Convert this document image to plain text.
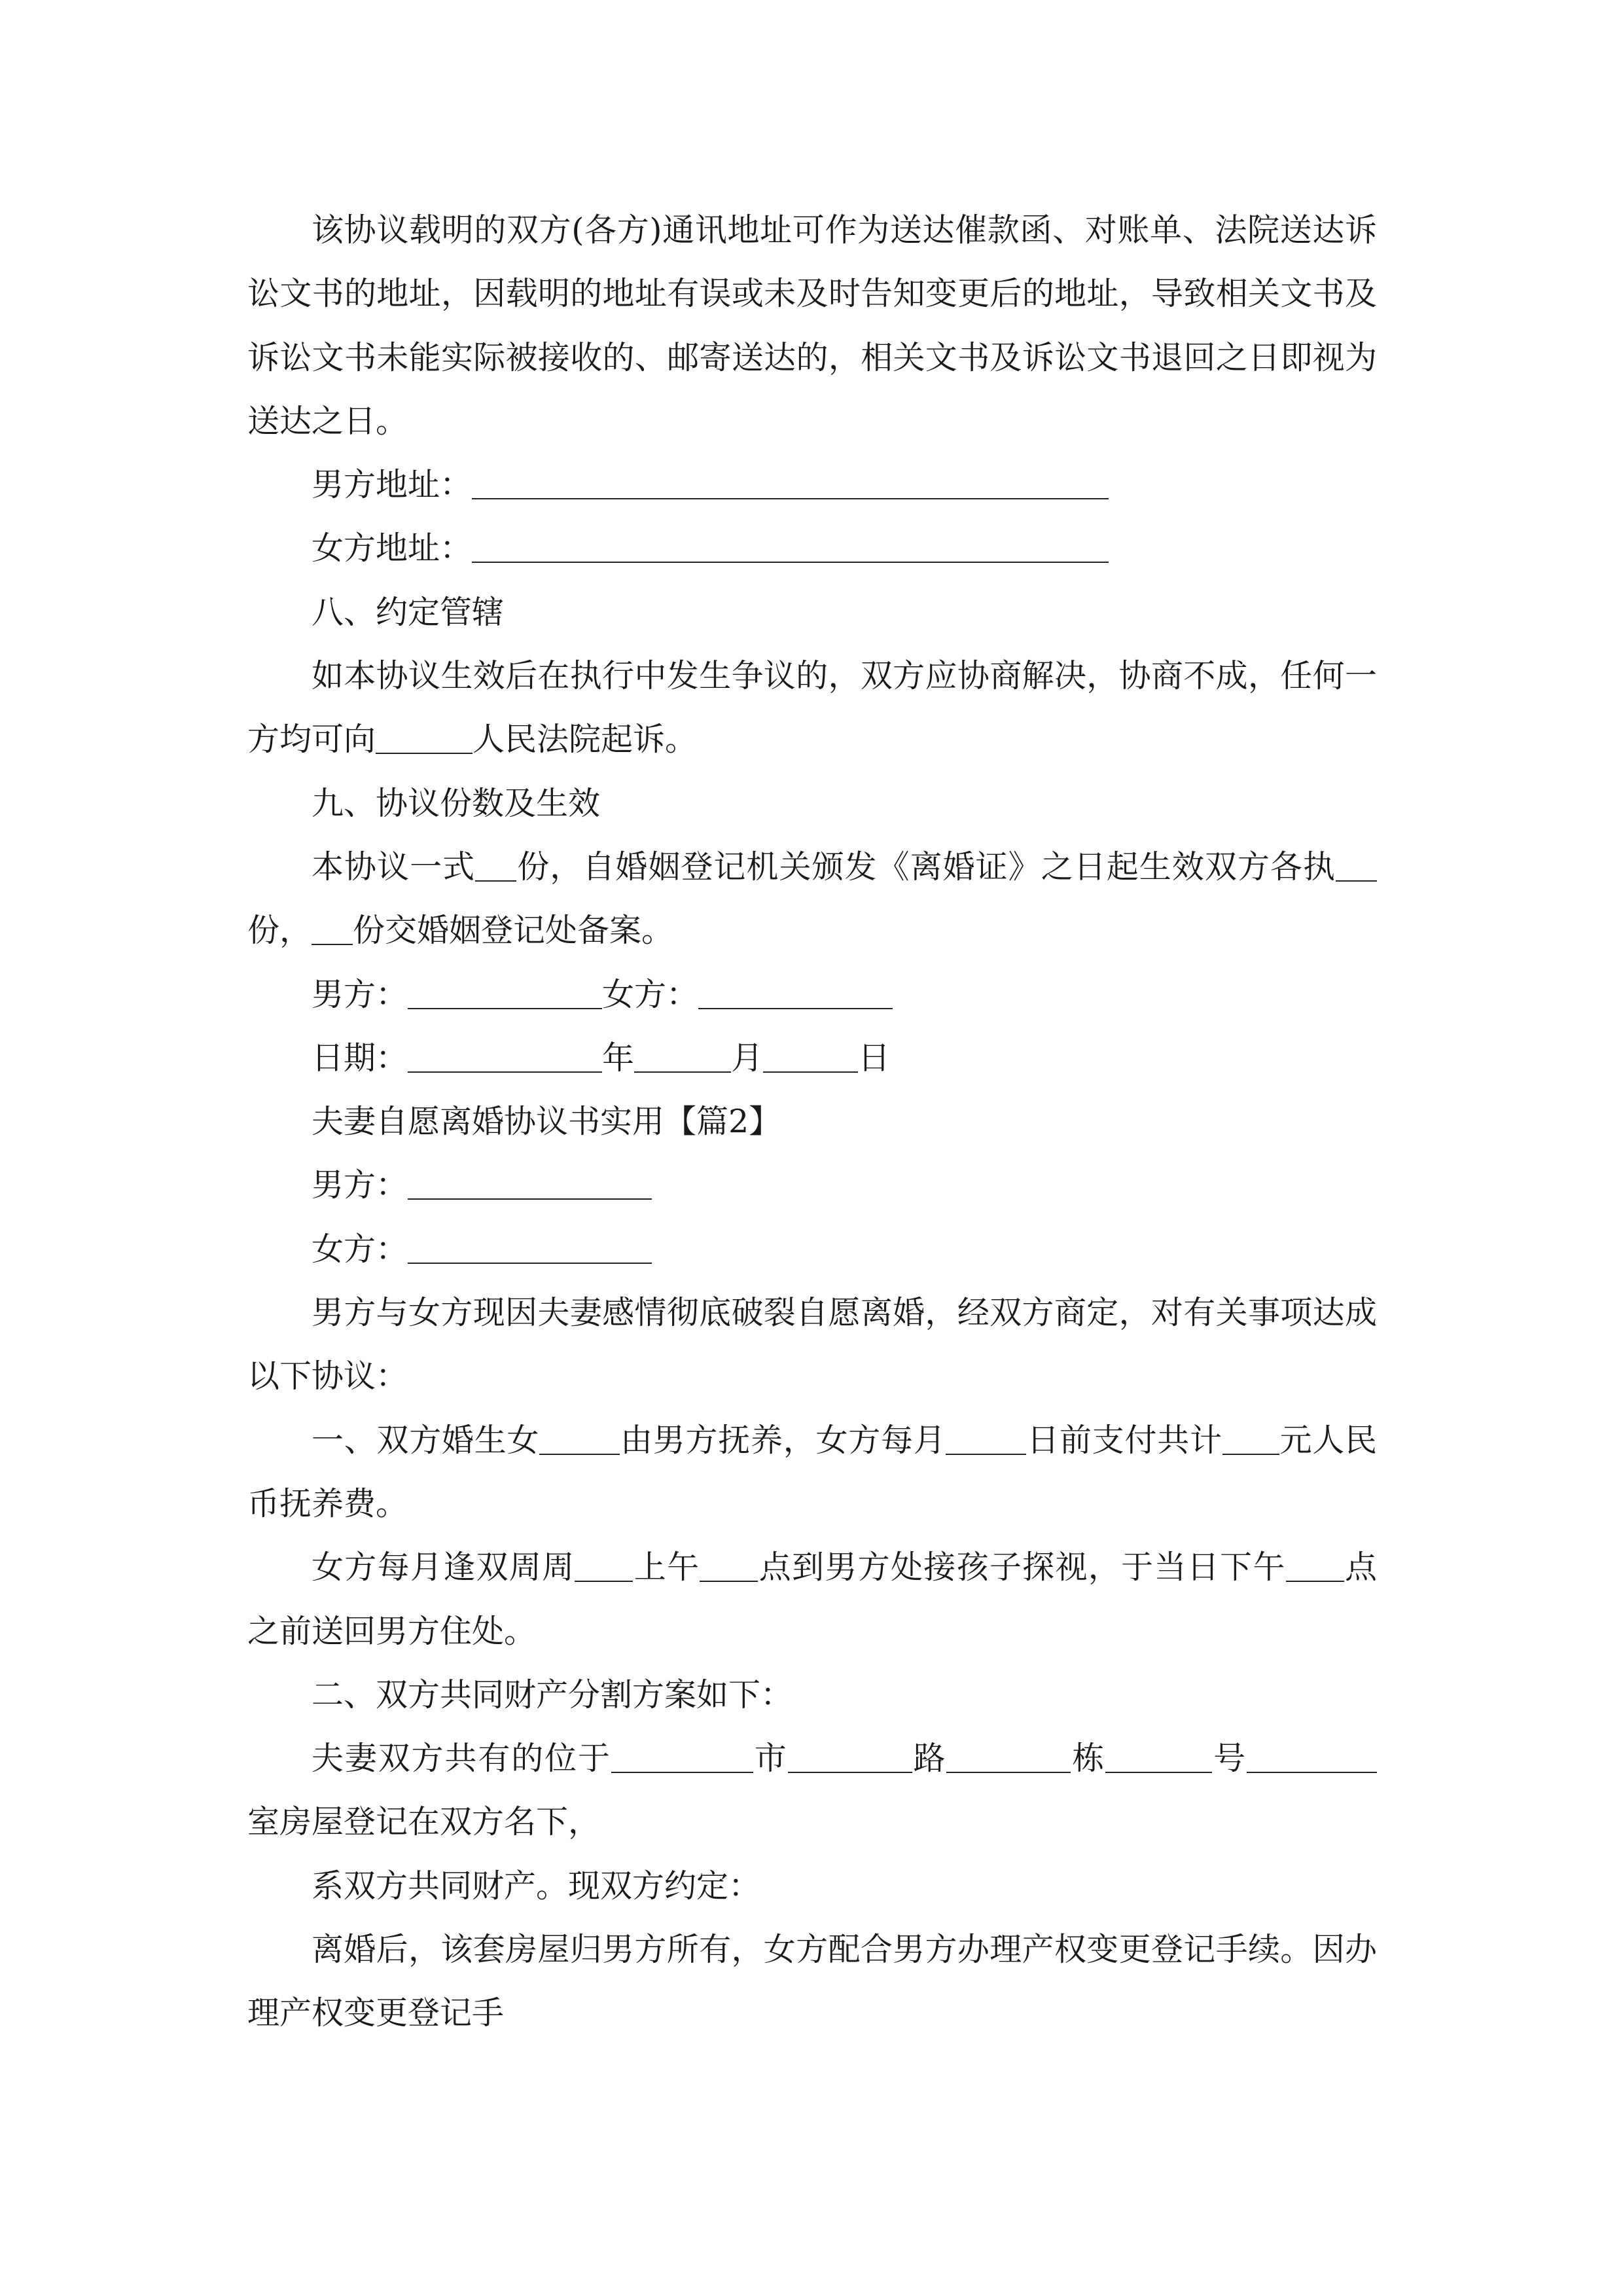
该协议载明的双方(各方)通讯地址可作为送达催款函、对账单、法院送达诉
讼文书的地址，因载明的地址有误或未及时告知变更后的地址，导致相关文书及
诉讼文书未能实际被接收的、邮寄送达的，相关文书及诉讼文书退回之日即视为
送达之日。
男方地址：
女方地址：
八、约定管辖
如本协议生效后在执行中发生争议的，双方应协商解决，协商不成，任何一
方均可向	人民法院起诉。
九、协议份数及生效
本协议一式 份，自婚姻登记机关颁发《离婚证》之日起生效双方各执
份， 份交婚姻登记处备案。
男方：	女方：
日期：	年	月	日
夫妻自愿离婚协议书实用【篇2】
男方：
女方：
男方与女方现因夫妻感情彻底破裂自愿离婚，经双方商定，对有关事项达成
以下协议：
一、双方婚生女	由男方抚养，女方每月	日前支付共计 元人民
币抚养费。
女方每月逢双周周 上午 点到男方处接孩子探视，于当日下午 点
之前送回男方住处。
二、双方共同财产分割方案如下：
夫妻双方共有的位于	市	路	栋	号
室房屋登记在双方名下，
系双方共同财产。现双方约定：
离婚后，该套房屋归男方所有，女方配合男方办理产权变更登记手续。因办
理产权变更登记手
